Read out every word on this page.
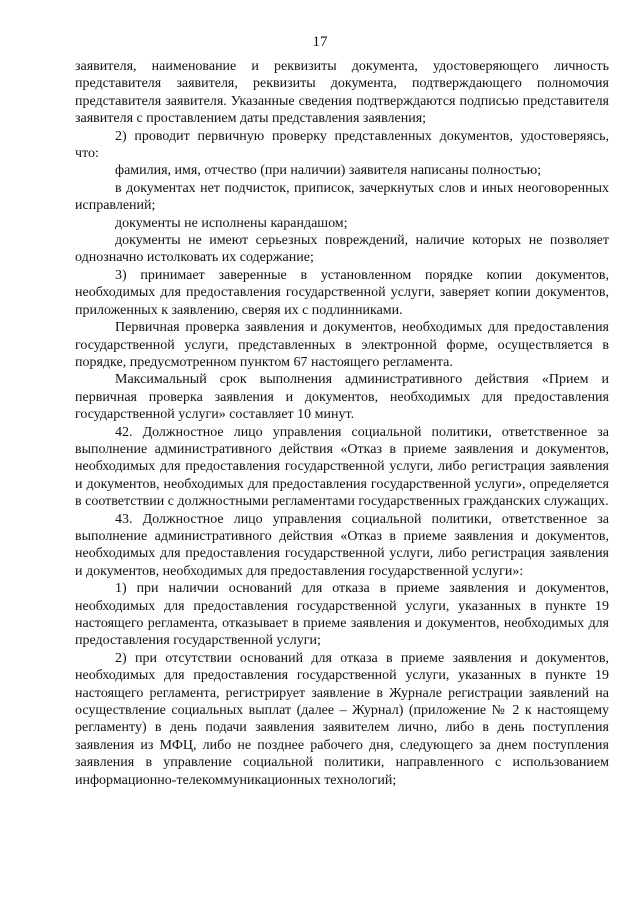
17

заявителя, наименование и реквизиты документа, удостоверяющего личность представителя заявителя, реквизиты документа, подтверждающего полномочия представителя заявителя. Указанные сведения подтверждаются подписью представителя заявителя с проставлением даты представления заявления;

2) проводит первичную проверку представленных документов, удостоверяясь, что:

фамилия, имя, отчество (при наличии) заявителя написаны полностью;

в документах нет подчисток, приписок, зачеркнутых слов и иных неоговоренных исправлений;

документы не исполнены карандашом;

документы не имеют серьезных повреждений, наличие которых не позволяет однозначно истолковать их содержание;

3) принимает заверенные в установленном порядке копии документов, необходимых для предоставления государственной услуги, заверяет копии документов, приложенных к заявлению, сверяя их с подлинниками.

Первичная проверка заявления и документов, необходимых для предоставления государственной услуги, представленных в электронной форме, осуществляется в порядке, предусмотренном пунктом 67 настоящего регламента.

Максимальный срок выполнения административного действия «Прием и первичная проверка заявления и документов, необходимых для предоставления государственной услуги» составляет 10 минут.

42. Должностное лицо управления социальной политики, ответственное за выполнение административного действия «Отказ в приеме заявления и документов, необходимых для предоставления государственной услуги, либо регистрация заявления и документов, необходимых для предоставления государственной услуги», определяется в соответствии с должностными регламентами государственных гражданских служащих.

43. Должностное лицо управления социальной политики, ответственное за выполнение административного действия «Отказ в приеме заявления и документов, необходимых для предоставления государственной услуги, либо регистрация заявления и документов, необходимых для предоставления государственной услуги»:

1) при наличии оснований для отказа в приеме заявления и документов, необходимых для предоставления государственной услуги, указанных в пункте 19 настоящего регламента, отказывает в приеме заявления и документов, необходимых для предоставления государственной услуги;

2) при отсутствии оснований для отказа в приеме заявления и документов, необходимых для предоставления государственной услуги, указанных в пункте 19 настоящего регламента, регистрирует заявление в Журнале регистрации заявлений на осуществление социальных выплат (далее – Журнал) (приложение № 2 к настоящему регламенту) в день подачи заявления заявителем лично, либо в день поступления заявления из МФЦ, либо не позднее рабочего дня, следующего за днем поступления заявления в управление социальной политики, направленного с использованием информационно-телекоммуникационных технологий;
